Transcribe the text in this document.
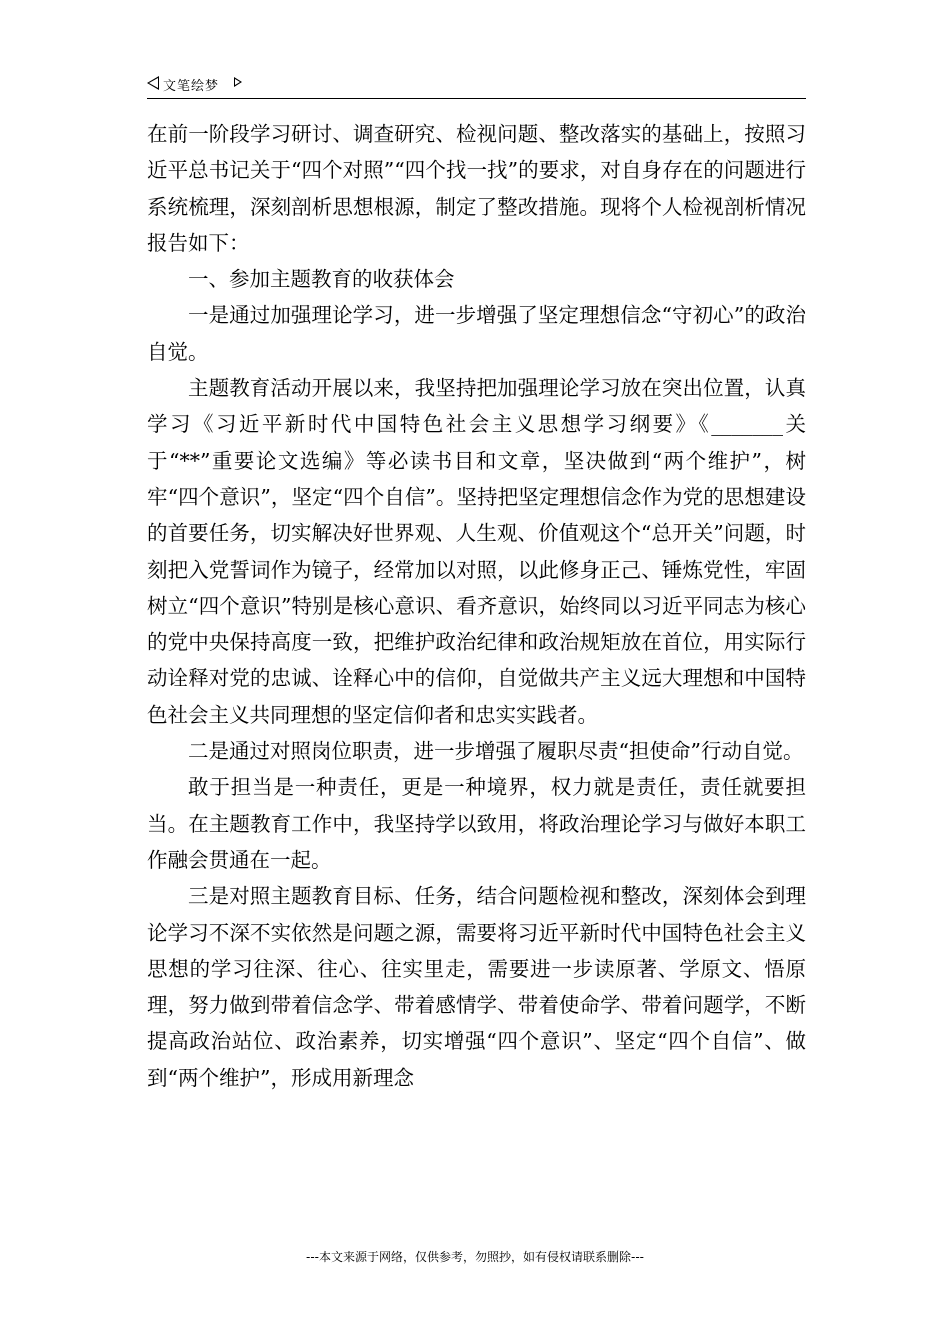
文笔绘梦

在前一阶段学习研讨、调查研究、检视问题、整改落实的基础上，按照习近平总书记关于“四个对照”“四个找一找”的要求，对自身存在的问题进行系统梳理，深刻剖析思想根源，制定了整改措施。现将个人检视剖析情况报告如下：

一、参加主题教育的收获体会

一是通过加强理论学习，进一步增强了坚定理想信念“守初心”的政治自觉。

主题教育活动开展以来，我坚持把加强理论学习放在突出位置，认真学习《习近平新时代中国特色社会主义思想学习纲要》《_______关于“**”重要论文选编》等必读书目和文章，坚决做到“两个维护”，树牢“四个意识”，坚定“四个自信”。坚持把坚定理想信念作为党的思想建设的首要任务，切实解决好世界观、人生观、价值观这个“总开关”问题，时刻把入党誓词作为镜子，经常加以对照，以此修身正己、锤炼党性，牢固树立“四个意识”特别是核心意识、看齐意识，始终同以习近平同志为核心的党中央保持高度一致，把维护政治纪律和政治规矩放在首位，用实际行动诠释对党的忠诚、诠释心中的信仰，自觉做共产主义远大理想和中国特色社会主义共同理想的坚定信仰者和忠实实践者。

二是通过对照岗位职责，进一步增强了履职尽责“担使命”行动自觉。

敢于担当是一种责任，更是一种境界，权力就是责任，责任就要担当。在主题教育工作中，我坚持学以致用，将政治理论学习与做好本职工作融会贯通在一起。

三是对照主题教育目标、任务，结合问题检视和整改，深刻体会到理论学习不深不实依然是问题之源，需要将习近平新时代中国特色社会主义思想的学习往深、往心、往实里走，需要进一步读原著、学原文、悟原理，努力做到带着信念学、带着感情学、带着使命学、带着问题学，不断提高政治站位、政治素养，切实增强“四个意识”、坚定“四个自信”、做到“两个维护”，形成用新理念

---本文来源于网络，仅供参考，勿照抄，如有侵权请联系删除---
